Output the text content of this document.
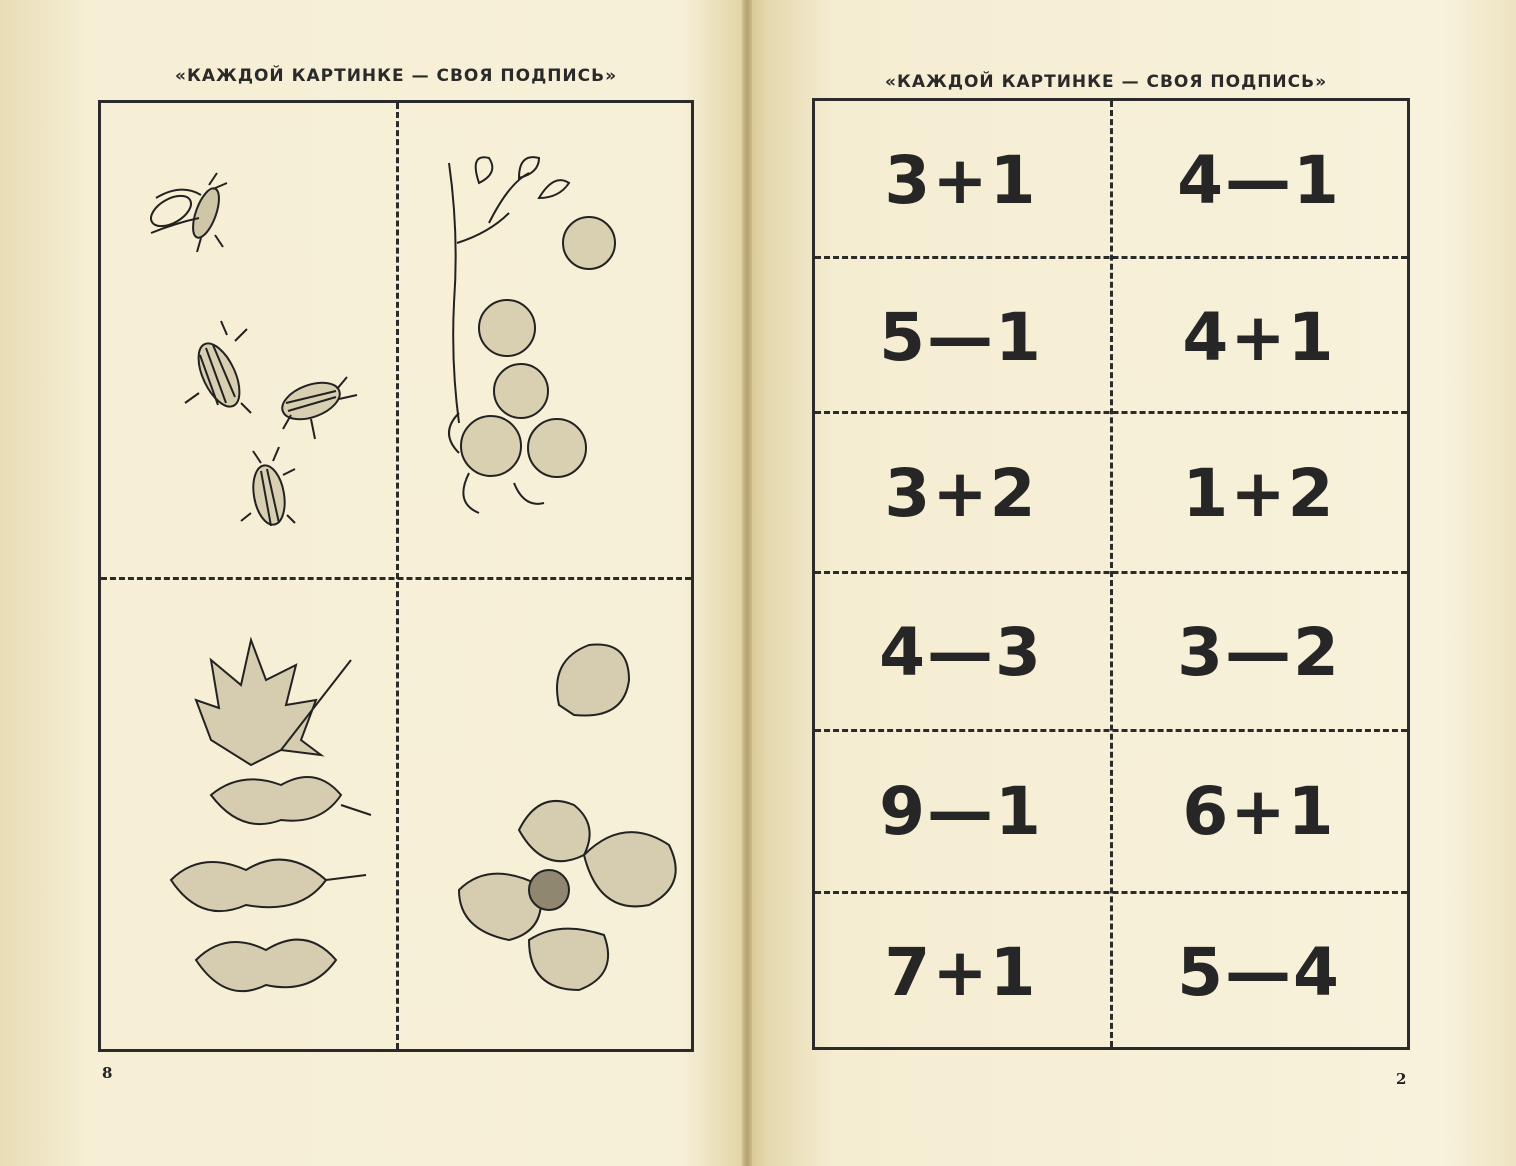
«КАЖДОЙ КАРТИНКЕ — СВОЯ ПОДПИСЬ»
8
«КАЖДОЙ КАРТИНКЕ — СВОЯ ПОДПИСЬ»
3+1 4—1
5—1 4+1
3+2 1+2
4—3 3—2
9—1 6+1
7+1 5—4
2
